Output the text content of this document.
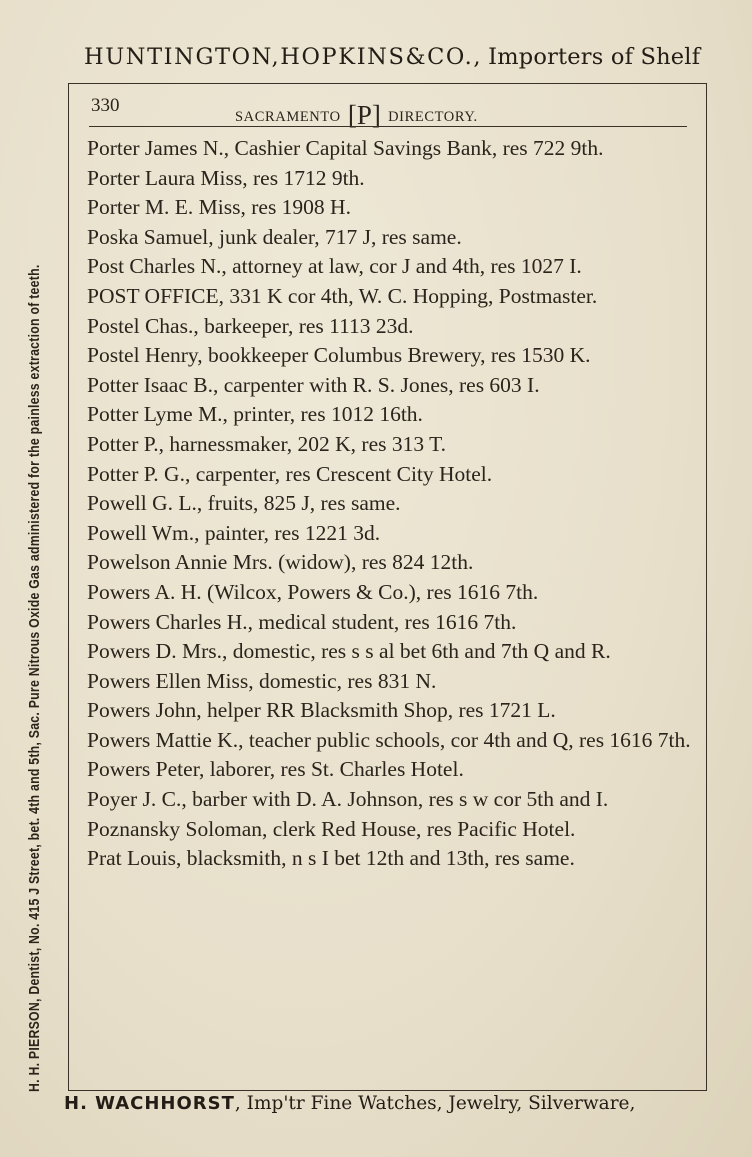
HUNTINGTON,HOPKINS&CO., Importers of Shelf
H. H. PIERSON, Dentist, No. 415 J Street, bet. 4th and 5th, Sac. Pure Nitrous Oxide Gas administered for the painless extraction of teeth.
330
SACRAMENTO [P] DIRECTORY.
Porter James N., Cashier Capital Savings Bank, res 722 9th.
Porter Laura Miss, res 1712 9th.
Porter M. E. Miss, res 1908 H.
Poska Samuel, junk dealer, 717 J, res same.
Post Charles N., attorney at law, cor J and 4th, res 1027 I.
POST OFFICE, 331 K cor 4th, W. C. Hopping, Postmaster.
Postel Chas., barkeeper, res 1113 23d.
Postel Henry, bookkeeper Columbus Brewery, res 1530 K.
Potter Isaac B., carpenter with R. S. Jones, res 603 I.
Potter Lyme M., printer, res 1012 16th.
Potter P., harnessmaker, 202 K, res 313 T.
Potter P. G., carpenter, res Crescent City Hotel.
Powell G. L., fruits, 825 J, res same.
Powell Wm., painter, res 1221 3d.
Powelson Annie Mrs. (widow), res 824 12th.
Powers A. H. (Wilcox, Powers & Co.), res 1616 7th.
Powers Charles H., medical student, res 1616 7th.
Powers D. Mrs., domestic, res s s al bet 6th and 7th Q and R.
Powers Ellen Miss, domestic, res 831 N.
Powers John, helper RR Blacksmith Shop, res 1721 L.
Powers Mattie K., teacher public schools, cor 4th and Q, res 1616 7th.
Powers Peter, laborer, res St. Charles Hotel.
Poyer J. C., barber with D. A. Johnson, res s w cor 5th and I.
Poznansky Soloman, clerk Red House, res Pacific Hotel.
Prat Louis, blacksmith, n s I bet 12th and 13th, res same.
H. WACHHORST, Imp'tr Fine Watches, Jewelry, Silverware,
